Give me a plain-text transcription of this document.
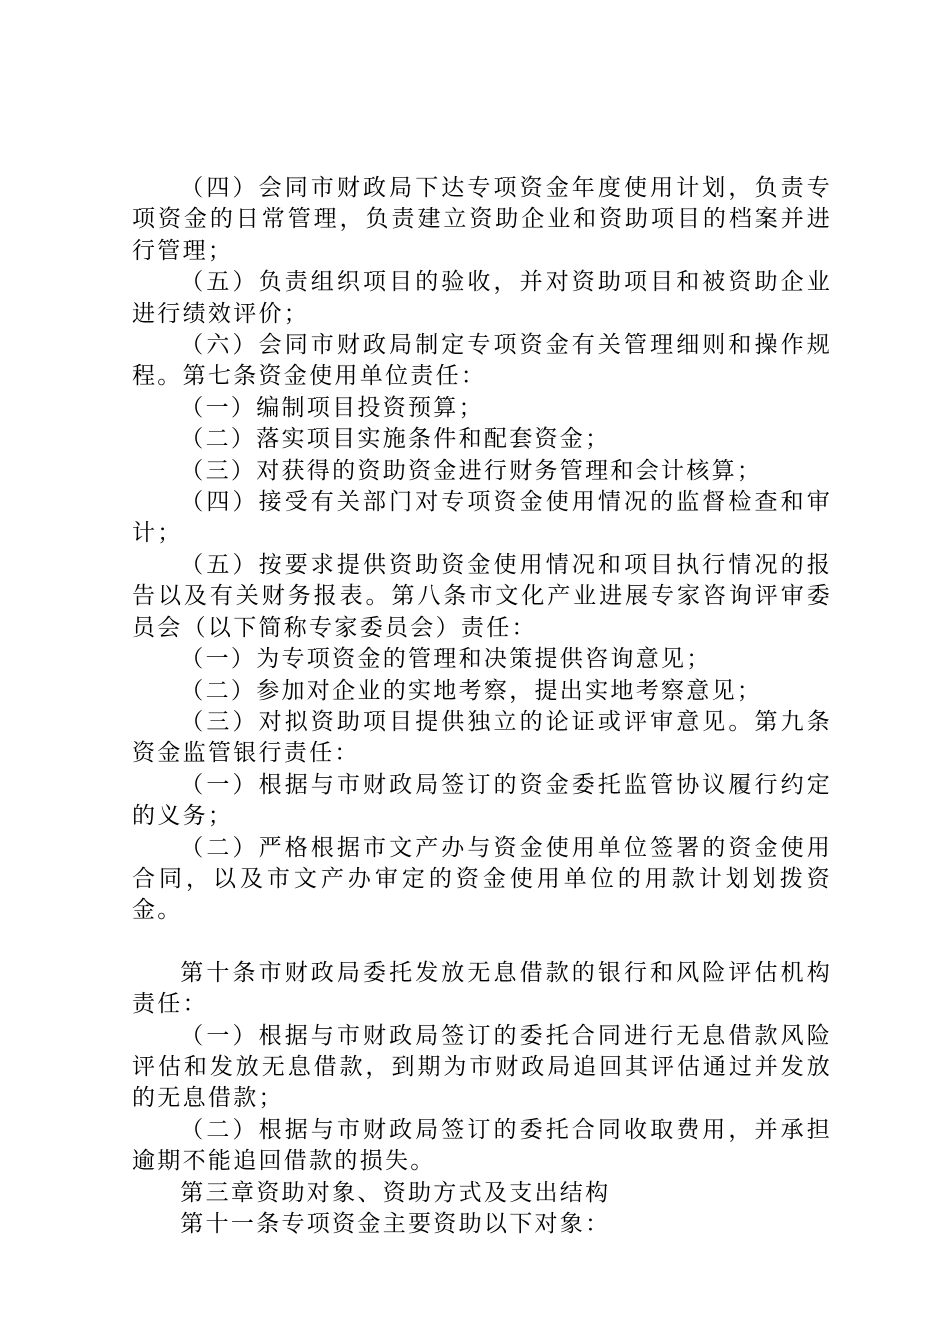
（四）会同市财政局下达专项资金年度使用计划，负责专项资金的日常管理，负责建立资助企业和资助项目的档案并进行管理；

（五）负责组织项目的验收，并对资助项目和被资助企业进行绩效评价；

（六）会同市财政局制定专项资金有关管理细则和操作规程。第七条资金使用单位责任：

（一）编制项目投资预算；

（二）落实项目实施条件和配套资金；

（三）对获得的资助资金进行财务管理和会计核算；

（四）接受有关部门对专项资金使用情况的监督检查和审计；

（五）按要求提供资助资金使用情况和项目执行情况的报告以及有关财务报表。第八条市文化产业进展专家咨询评审委员会（以下简称专家委员会）责任：

（一）为专项资金的管理和决策提供咨询意见；

（二）参加对企业的实地考察，提出实地考察意见；

（三）对拟资助项目提供独立的论证或评审意见。第九条资金监管银行责任：

（一）根据与市财政局签订的资金委托监管协议履行约定的义务；

（二）严格根据市文产办与资金使用单位签署的资金使用合同，以及市文产办审定的资金使用单位的用款计划划拨资金。

第十条市财政局委托发放无息借款的银行和风险评估机构责任：

（一）根据与市财政局签订的委托合同进行无息借款风险评估和发放无息借款，到期为市财政局追回其评估通过并发放的无息借款；

（二）根据与市财政局签订的委托合同收取费用，并承担逾期不能追回借款的损失。

第三章资助对象、资助方式及支出结构

第十一条专项资金主要资助以下对象：
